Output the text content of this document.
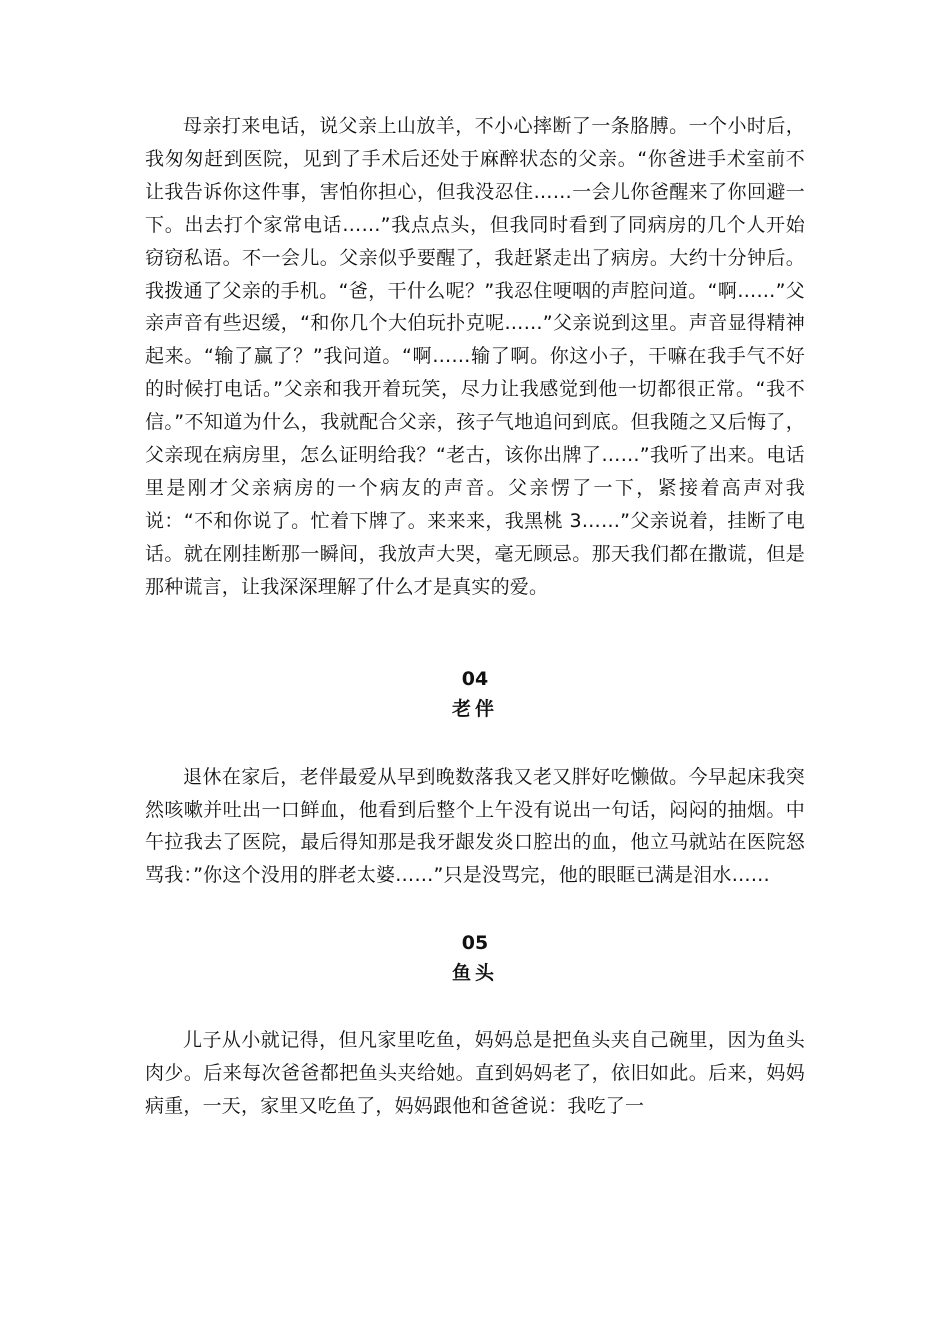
母亲打来电话，说父亲上山放羊，不小心摔断了一条胳膊。一个小时后，我匆匆赶到医院，见到了手术后还处于麻醉状态的父亲。“你爸进手术室前不让我告诉你这件事，害怕你担心，但我没忍住……一会儿你爸醒来了你回避一下。出去打个家常电话……”我点点头，但我同时看到了同病房的几个人开始窃窃私语。不一会儿。父亲似乎要醒了，我赶紧走出了病房。大约十分钟后。我拨通了父亲的手机。“爸，干什么呢？”我忍住哽咽的声腔问道。“啊……”父亲声音有些迟缓，“和你几个大伯玩扑克呢……”父亲说到这里。声音显得精神起来。“输了赢了？”我问道。“啊……输了啊。你这小子，干嘛在我手气不好的时候打电话。”父亲和我开着玩笑，尽力让我感觉到他一切都很正常。“我不信。”不知道为什么，我就配合父亲，孩子气地追问到底。但我随之又后悔了，父亲现在病房里，怎么证明给我？“老古，该你出牌了……”我听了出来。电话里是刚才父亲病房的一个病友的声音。父亲愣了一下，紧接着高声对我说：“不和你说了。忙着下牌了。来来来，我黑桃 3……”父亲说着，挂断了电话。就在刚挂断那一瞬间，我放声大哭，毫无顾忌。那天我们都在撒谎，但是那种谎言，让我深深理解了什么才是真实的爱。

04
老伴

退休在家后，老伴最爱从早到晚数落我又老又胖好吃懒做。今早起床我突然咳嗽并吐出一口鲜血，他看到后整个上午没有说出一句话，闷闷的抽烟。中午拉我去了医院，最后得知那是我牙龈发炎口腔出的血，他立马就站在医院怒骂我：”你这个没用的胖老太婆……”只是没骂完，他的眼眶已满是泪水……

05
鱼头

儿子从小就记得，但凡家里吃鱼，妈妈总是把鱼头夹自己碗里，因为鱼头肉少。后来每次爸爸都把鱼头夹给她。直到妈妈老了，依旧如此。后来，妈妈病重，一天，家里又吃鱼了，妈妈跟他和爸爸说：我吃了一
